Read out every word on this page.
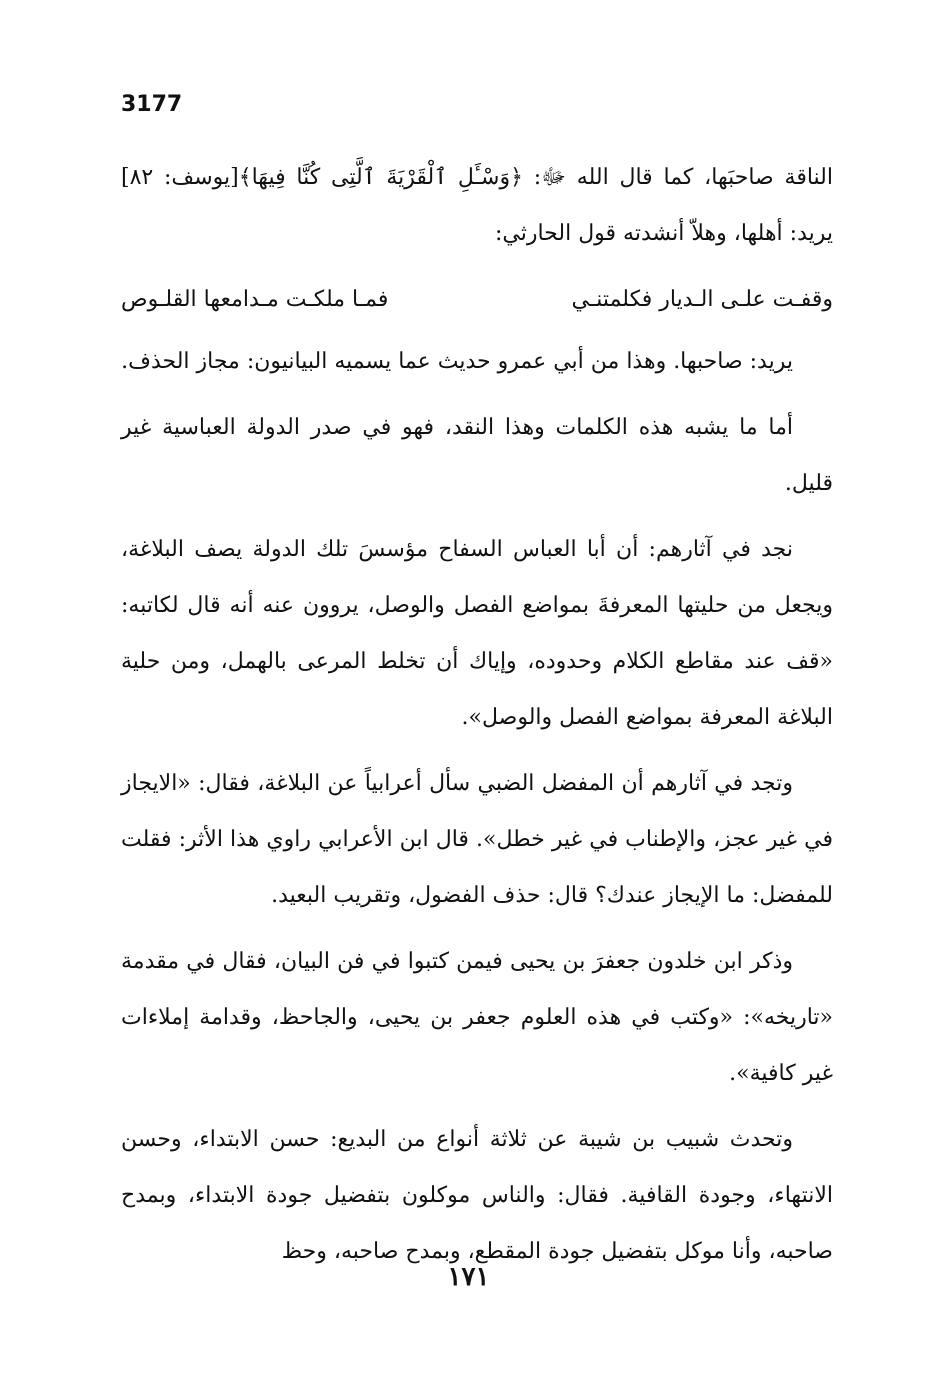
3177

الناقة صاحبَها، كما قال الله ﷻ: ﴿وَسْـَٔلِ ٱلْقَرْيَةَ ٱلَّتِى كُنَّا فِيهَا﴾[يوسف: ٨٢] يريد: أهلها، وهلاّ أنشدته قول الحارثي:

وقفـت علـى الـديار فكلمتنـي
فمـا ملكـت مـدامعها القلـوص

يريد: صاحبها. وهذا من أبي عمرو حديث عما يسميه البيانيون: مجاز الحذف.

أما ما يشبه هذه الكلمات وهذا النقد، فهو في صدر الدولة العباسية غير قليل.

نجد في آثارهم: أن أبا العباس السفاح مؤسسَ تلك الدولة يصف البلاغة، ويجعل من حليتها المعرفةَ بمواضع الفصل والوصل، يروون عنه أنه قال لكاتبه: «قف عند مقاطع الكلام وحدوده، وإياك أن تخلط المرعى بالهمل، ومن حلية البلاغة المعرفة بمواضع الفصل والوصل».

وتجد في آثارهم أن المفضل الضبي سأل أعرابياً عن البلاغة، فقال: «الايجاز في غير عجز، والإطناب في غير خطل». قال ابن الأعرابي راوي هذا الأثر: فقلت للمفضل: ما الإيجاز عندك؟ قال: حذف الفضول، وتقريب البعيد.

وذكر ابن خلدون جعفرَ بن يحيى فيمن كتبوا في فن البيان، فقال في مقدمة «تاريخه»: «وكتب في هذه العلوم جعفر بن يحيى، والجاحظ، وقدامة إملاءات غير كافية».

وتحدث شبيب بن شيبة عن ثلاثة أنواع من البديع: حسن الابتداء، وحسن الانتهاء، وجودة القافية. فقال: والناس موكلون بتفضيل جودة الابتداء، وبمدح صاحبه، وأنا موكل بتفضيل جودة المقطع، وبمدح صاحبه، وحظ

١٧١
